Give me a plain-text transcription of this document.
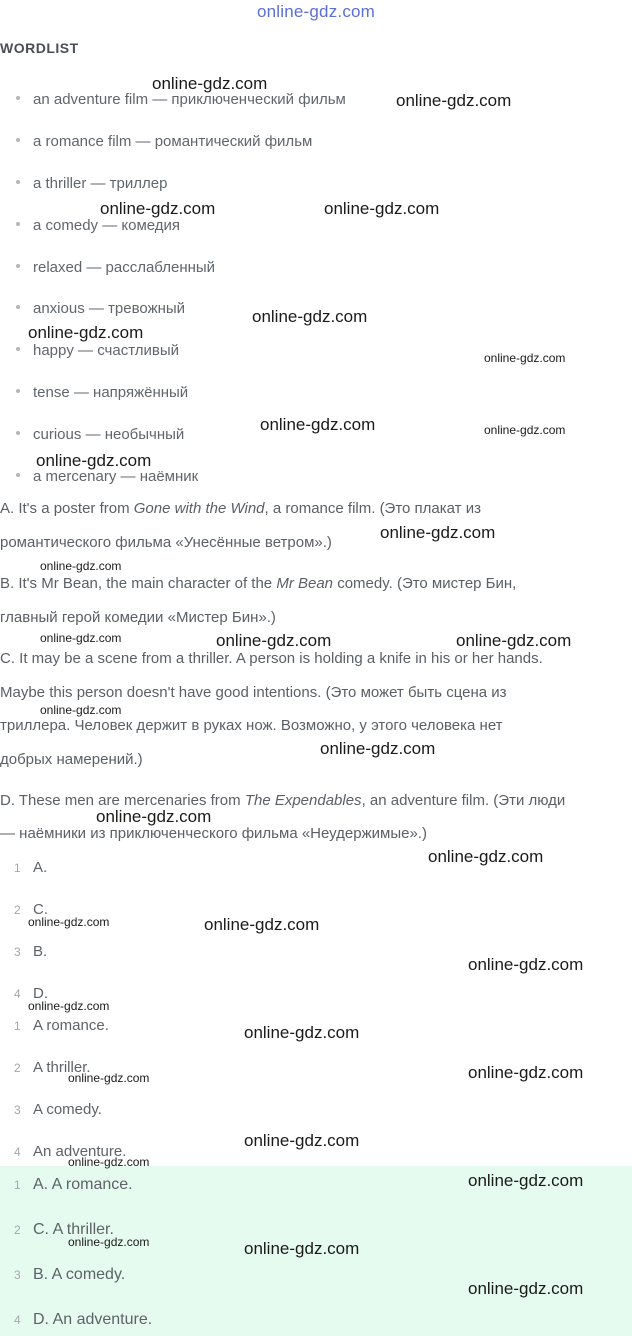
online-gdz.com
WORDLIST
an adventure film — приключенческий фильм
a romance film — романтический фильм
a thriller — триллер
a comedy — комедия
relaxed — расслабленный
anxious — тревожный
happy — счастливый
tense — напряжённый
curious — необычный
a mercenary — наёмник
A. It's a poster from Gone with the Wind, a romance film. (Это плакат из
романтического фильма «Унесённые ветром».)
B. It's Mr Bean, the main character of the Mr Bean comedy. (Это мистер Бин,
главный герой комедии «Мистер Бин».)
C. It may be a scene from a thriller. A person is holding a knife in his or her hands.
Maybe this person doesn't have good intentions. (Это может быть сцена из
триллера. Человек держит в руках нож. Возможно, у этого человека нет
добрых намерений.)
D. These men are mercenaries from The Expendables, an adventure film. (Эти люди
— наёмники из приключенческого фильма «Неудержимые».)
1 A.
2 C.
3 B.
4 D.
1 A romance.
2 A thriller.
3 A comedy.
4 An adventure.
1 A. A romance.
2 C. A thriller.
3 B. A comedy.
4 D. An adventure.
online-gdz.com
online-gdz.com
online-gdz.com	online-gdz.com
online-gdz.com
online-gdz.com
online-gdz.com
online-gdz.com
online-gdz.com
online-gdz.com	online-gdz.com
online-gdz.com
online-gdz.com
online-gdz.com
online-gdz.com
online-gdz.com
online-gdz.com
online-gdz.com
online-gdz.com
online-gdz.com
online-gdz.com
online-gdz.com
online-gdz.com
online-gdz.com
online-gdz.com
online-gdz.com
online-gdz.com
online-gdz.com
online-gdz.com
online-gdz.com
online-gdz.com
online-gdz.com
